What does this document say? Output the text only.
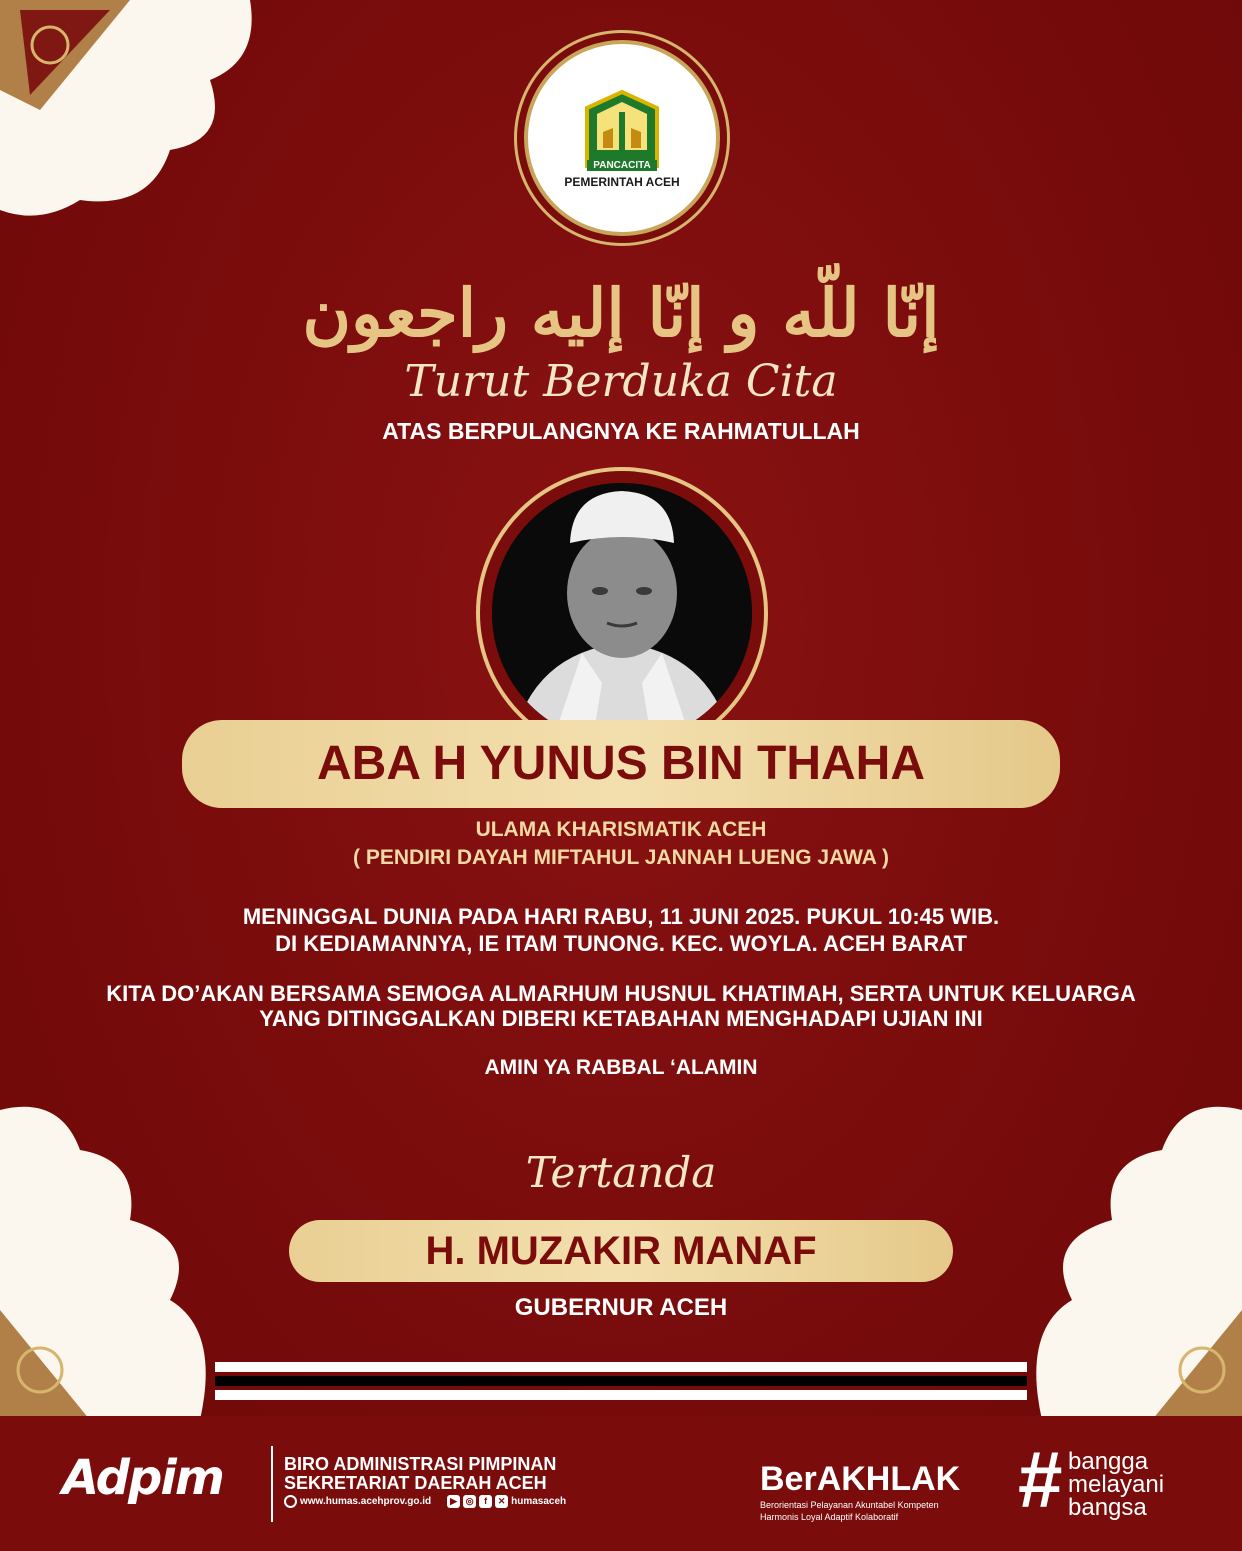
PANCACITA
PEMERINTAH ACEH
إنّا للّه و إنّا إليه راجعون
Turut Berduka Cita
ATAS BERPULANGNYA KE RAHMATULLAH
ABA H YUNUS BIN THAHA
ULAMA KHARISMATIK ACEH
( PENDIRI DAYAH MIFTAHUL JANNAH LUENG JAWA )
MENINGGAL DUNIA PADA HARI RABU, 11 JUNI 2025. PUKUL 10:45 WIB.
DI KEDIAMANNYA, IE ITAM TUNONG. KEC. WOYLA. ACEH BARAT
KITA DO’AKAN BERSAMA SEMOGA ALMARHUM HUSNUL KHATIMAH, SERTA UNTUK KELUARGA
YANG DITINGGALKAN DIBERI KETABAHAN MENGHADAPI UJIAN INI
AMIN YA RABBAL ‘ALAMIN
Tertanda
H. MUZAKIR MANAF
GUBERNUR ACEH
Adpim	BIRO ADMINISTRASI PIMPINAN
SEKRETARIAT DAERAH ACEH
www.humas.acehprov.go.id	▶ ◎	f	✕ humasaceh
BerAKHLAK
Berorientasi Pelayanan Akuntabel Kompeten
Harmonis Loyal Adaptif Kolaboratif # bangga
melayani
bangsa
